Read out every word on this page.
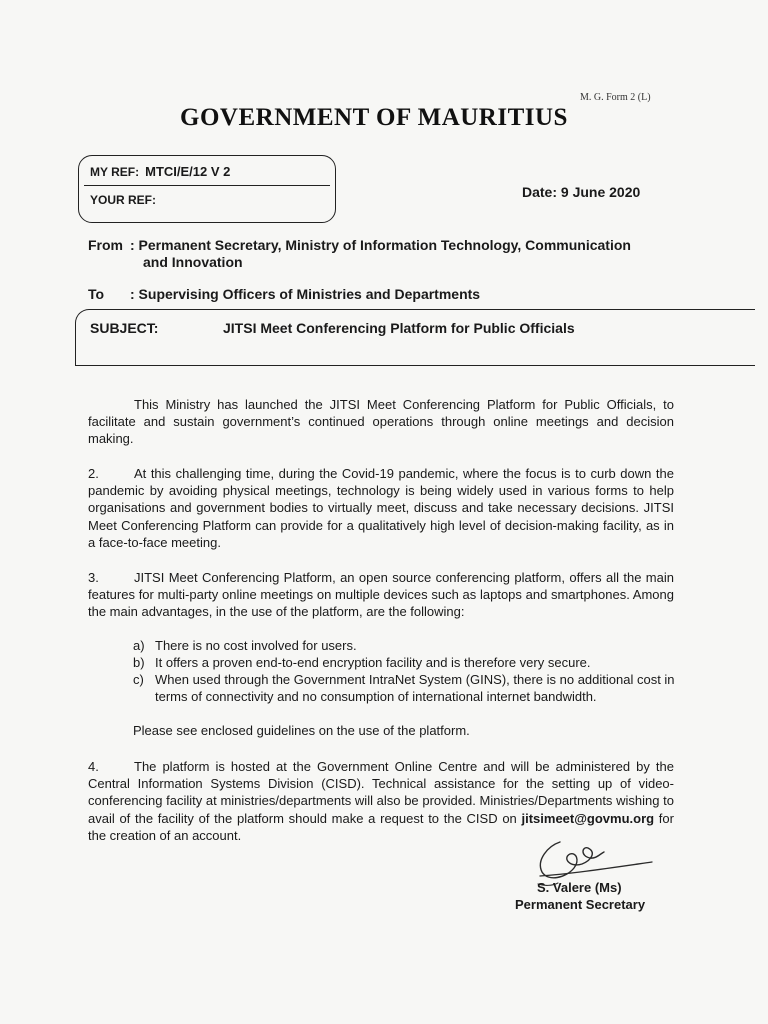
M. G. Form 2 (L)
GOVERNMENT OF MAURITIUS
MY REF: MTCI/E/12 V 2
YOUR REF:	Date: 9 June 2020
From : Permanent Secretary, Ministry of Information Technology, Communication
and Innovation
To : Supervising Officers of Ministries and Departments
SUBJECT:	JITSI Meet Conferencing Platform for Public Officials
This Ministry has launched the JITSI Meet Conferencing Platform for Public Officials, to facilitate and sustain government’s continued operations through online meetings and decision making.
2.	At this challenging time, during the Covid-19 pandemic, where the focus is to curb down the pandemic by avoiding physical meetings, technology is being widely used in various forms to help organisations and government bodies to virtually meet, discuss and take necessary decisions. JITSI Meet Conferencing Platform can provide for a qualitatively high level of decision-making facility, as in a face-to-face meeting.
3.	JITSI Meet Conferencing Platform, an open source conferencing platform, offers all the main features for multi-party online meetings on multiple devices such as laptops and smartphones. Among the main advantages, in the use of the platform, are the following:
a) There is no cost involved for users.
b) It offers a proven end-to-end encryption facility and is therefore very secure.
c) When used through the Government IntraNet System (GINS), there is no additional cost in terms of connectivity and no consumption of international internet bandwidth.
Please see enclosed guidelines on the use of the platform.
4.	The platform is hosted at the Government Online Centre and will be administered by the Central Information Systems Division (CISD). Technical assistance for the setting up of video-conferencing facility at ministries/departments will also be provided. Ministries/Departments wishing to avail of the facility of the platform should make a request to the CISD on jitsimeet@govmu.org for the creation of an account.
S. Valere (Ms)
Permanent Secretary
